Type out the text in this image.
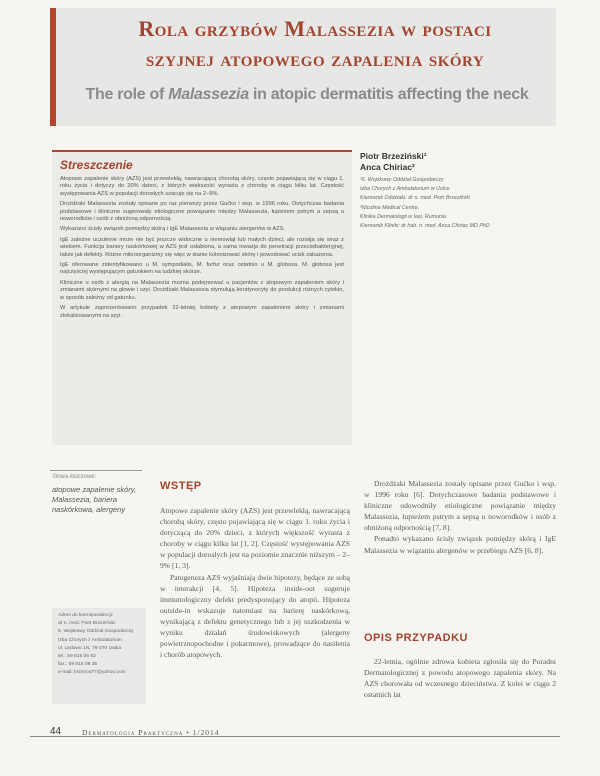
Rola grzybów Malassezia w postaci
szyjnej atopowego zapalenia skóry
The role of Malassezia in atopic dermatitis affecting the neck
Streszczenie

Atopowe zapalenie skóry (AZS) jest przewlekłą, nawracającą chorobą skóry, często pojawiającą się w ciągu 1. roku życia i dotyczy do 20% dzieci, z których większość wyrasta z choroby w ciągu kilku lat. Częstość występowania AZS w populacji dorosłych szacuje się na 2–9%.

Drożdżaki Malassezia zostały opisane po raz pierwszy przez Gućko i wsp. w 1996 roku. Dotychczas badania podstawowe i kliniczne sugerowały etiologiczne powiązanie między Malassezia, łupieżem pstrym a sepsą u noworodków i osób z obniżoną odpornością.

Wykazano ścisły związek pomiędzy skórą i IgE Malassezia w wiązaniu alergenów w AZS.

IgE zależne uczulenie może nie być jeszcze widoczne u niemowląt lub małych dzieci, ale rozwija się wraz z wiekiem. Funkcja bariery naskórkowej w AZS jest osłabiona, a sama inwazja do penetracji przeciwbakteryjnej, także jak defekty. Różne mikroorganizmy się więc w stanie kolonizować skórę i powodować ucisk zakażenia.

IgE oferowane zidentyfikowano u M. sympodialis, M. furfur oraz ostatnio u M. globosa. M. globosa jest najczęściej występującym gatunkiem na ludzkiej skórze.

Kliniczne u osób z alergią na Malassezia można podejrzewać u pacjentów z atopowym zapaleniem skóry i zmianami skórnymi na głowie i szyi. Drożdżaki Malassezia stymulują keratynocyty do produkcji różnych cytokin, w sposób zależny od gatunku.

W artykule zaprezentowano przypadek 22-letniej kobiety z atopowym zapaleniem skóry i zmianami zlokalizowanymi na szyi.

Piotr Brzeziński¹
Anca Chiriac²
¹6. Wojskowy Oddział Gospodarczy
Izba Chorych z Ambulatorium w Ustce
Kierownik Oddziału: dr n. med. Piotr Brzeziński
²Nicolina Medical Centre,
Klinika Dermatologii w Iași, Rumunia
Kierownik Kliniki: dr hab. n. med. Anca Chiriac MD PhD
Słowa kluczowe:
atopowe zapalenie skóry, Malassezia, bariera naskórkowa, alergeny
Adres do korespondencji:
dr n. med. Piotr Brzeziński
6. Wojskowy Oddział Gospodarczy
Izba Chorych z Ambulatorium
ul. Lędowo 1N, 76-270 Ustka
tel.: 59 815 05 62
fax.: 59 815 08 35
e-mail: brzezoo77@yahoo.com
WSTĘP

Atopowe zapalenie skóry (AZS) jest przewlekłą, nawracającą chorobą skóry, często pojawiającą się w ciągu 1. roku życia i dotyczącą do 20% dzieci, z których większość wyrasta z choroby w ciągu kilku lat [1, 2]. Częstość występowania AZS w populacji dorosłych jest na poziomie znacznie niższym – 2–9% [1, 3].

Patogeneza AZS wyjaśniają dwie hipotezy, będące ze sobą w interakcji [4, 5]. Hipoteza inside-out sugeruje immunologiczny defekt predysponujący do atopii. Hipoteza outside-in wskazuje natomiast na barierę naskórkową, wynikającą z defektu genetycznego lub z jej uszkodzenia w wyniku działań środowiskowych (alergeny powietrznopochodne i pokarmowe), prowadzące do nasilenia i chorób atopowych.

Drożdżaki Malassezia zostały opisane przez Gućko i wsp. w 1996 roku [6]. Dotychczasowe badania podstawowe i kliniczne udowodniły etiologiczne powiązanie między Malassezia, łupieżem pstrym a sepsą u noworodków i osób z obniżoną odpornością [7, 8].

Ponadto wykazano ścisły związek pomiędzy skórą i IgE Malassezia w wiązaniu alergenów w przebiegu AZS [6, 8].

OPIS PRZYPADKU

22-letnia, ogólnie zdrowa kobieta zgłosiła się do Poradni Dermatologicznej z powodu atopowego zapalenia skóry. Na AZS chorowała od wczesnego dzieciństwa. Z kolei w ciągu 2 ostatnich lat

44	Dermatologia Praktyczna • 1/2014
